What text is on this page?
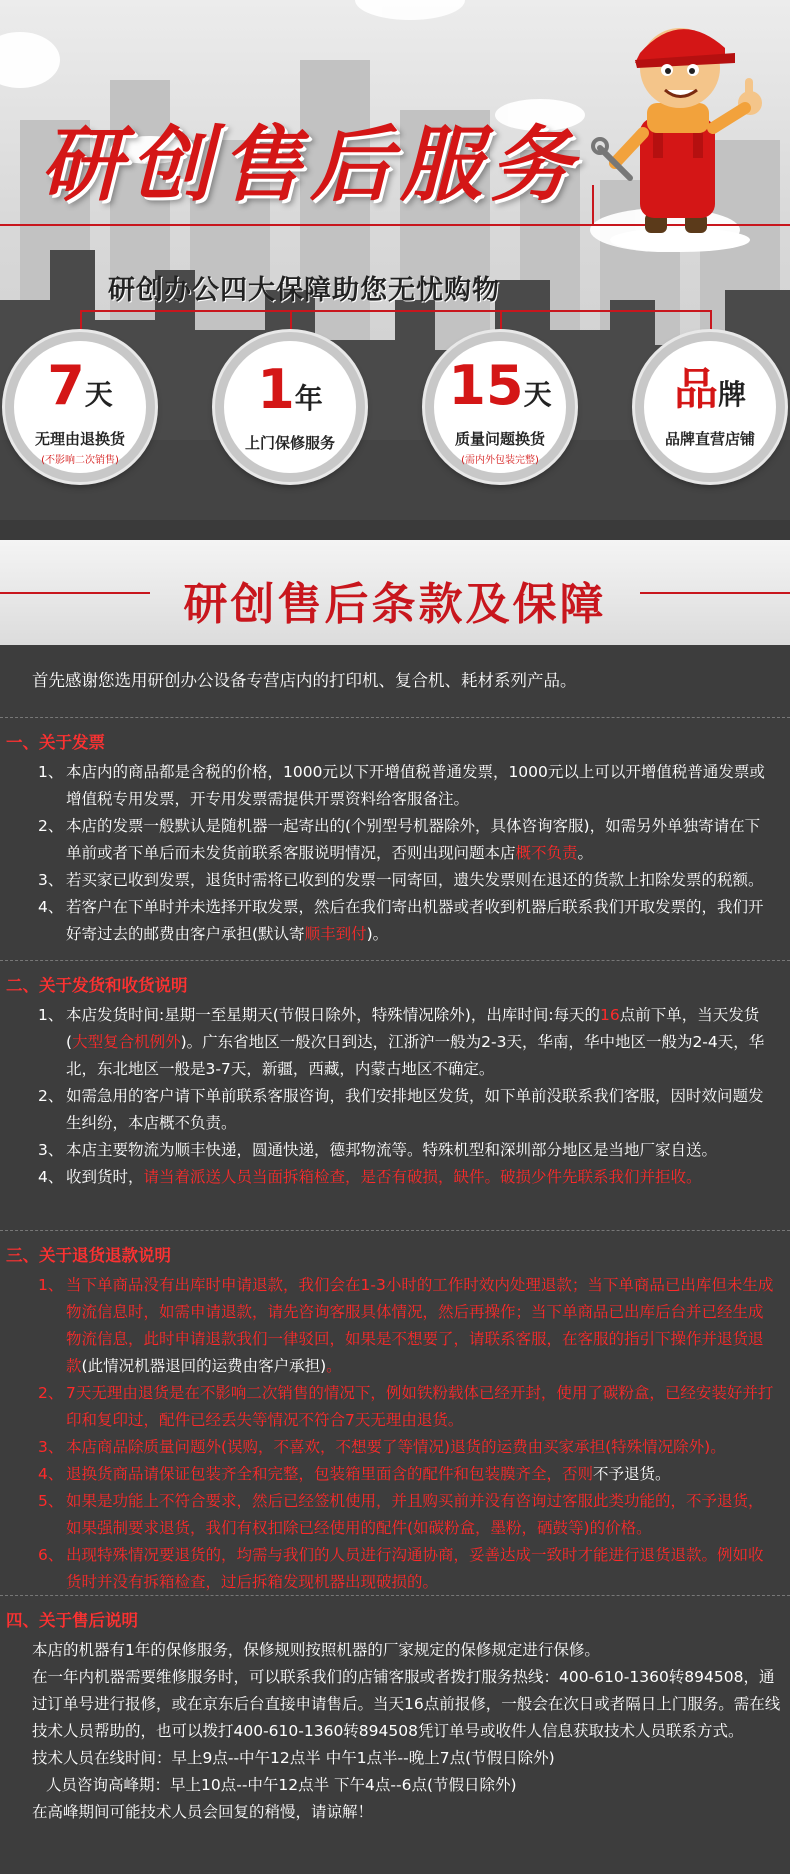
研创售后服务
研创办公四大保障助您无忧购物
7天
无理由退换货
(不影响二次销售)
1年
上门保修服务
15天
质量问题换货
(需内外包装完整)
品牌
品牌直营店铺
研创售后条款及保障
首先感谢您选用研创办公设备专营店内的打印机、复合机、耗材系列产品。
一、关于发票
1、 本店内的商品都是含税的价格，1000元以下开增值税普通发票，1000元以上可以开增值税普通发票或增值税专用发票，开专用发票需提供开票资料给客服备注。
2、 本店的发票一般默认是随机器一起寄出的(个别型号机器除外，具体咨询客服)，如需另外单独寄请在下单前或者下单后而未发货前联系客服说明情况，否则出现问题本店概不负责。
3、 若买家已收到发票，退货时需将已收到的发票一同寄回，遗失发票则在退还的货款上扣除发票的税额。
4、 若客户在下单时并未选择开取发票，然后在我们寄出机器或者收到机器后联系我们开取发票的，我们开好寄过去的邮费由客户承担(默认寄顺丰到付)。
二、关于发货和收货说明
1、 本店发货时间:星期一至星期天(节假日除外，特殊情况除外)，出库时间:每天的16点前下单，当天发货(大型复合机例外)。广东省地区一般次日到达，江浙沪一般为2-3天，华南，华中地区一般为2-4天，华北，东北地区一般是3-7天，新疆，西藏，内蒙古地区不确定。
2、 如需急用的客户请下单前联系客服咨询，我们安排地区发货，如下单前没联系我们客服，因时效问题发生纠纷，本店概不负责。
3、 本店主要物流为顺丰快递，圆通快递，德邦物流等。特殊机型和深圳部分地区是当地厂家自送。
4、 收到货时，请当着派送人员当面拆箱检查，是否有破损，缺件。破损少件先联系我们并拒收。
三、关于退货退款说明
1、 当下单商品没有出库时申请退款，我们会在1-3小时的工作时效内处理退款；当下单商品已出库但未生成物流信息时，如需申请退款，请先咨询客服具体情况，然后再操作；当下单商品已出库后台并已经生成物流信息，此时申请退款我们一律驳回，如果是不想要了，请联系客服，在客服的指引下操作并退货退款(此情况机器退回的运费由客户承担)。
2、 7天无理由退货是在不影响二次销售的情况下，例如铁粉载体已经开封，使用了碳粉盒，已经安装好并打印和复印过，配件已经丢失等情况不符合7天无理由退货。
3、 本店商品除质量问题外(误购，不喜欢，不想要了等情况)退货的运费由买家承担(特殊情况除外)。
4、 退换货商品请保证包装齐全和完整，包装箱里面含的配件和包装膜齐全，否则不予退货。
5、 如果是功能上不符合要求，然后已经签机使用，并且购买前并没有咨询过客服此类功能的，不予退货，如果强制要求退货，我们有权扣除已经使用的配件(如碳粉盒，墨粉，硒鼓等)的价格。
6、 出现特殊情况要退货的，均需与我们的人员进行沟通协商，妥善达成一致时才能进行退货退款。例如收货时并没有拆箱检查，过后拆箱发现机器出现破损的。
四、关于售后说明
本店的机器有1年的保修服务，保修规则按照机器的厂家规定的保修规定进行保修。
在一年内机器需要维修服务时，可以联系我们的店铺客服或者拨打服务热线：400-610-1360转894508，通过订单号进行报修，或在京东后台直接申请售后。当天16点前报修，一般会在次日或者隔日上门服务。需在线技术人员帮助的，也可以拨打400-610-1360转894508凭订单号或收件人信息获取技术人员联系方式。
技术人员在线时间：早上9点--中午12点半 中午1点半--晚上7点(节假日除外)
人员咨询高峰期：早上10点--中午12点半 下午4点--6点(节假日除外)
在高峰期间可能技术人员会回复的稍慢，请谅解！
